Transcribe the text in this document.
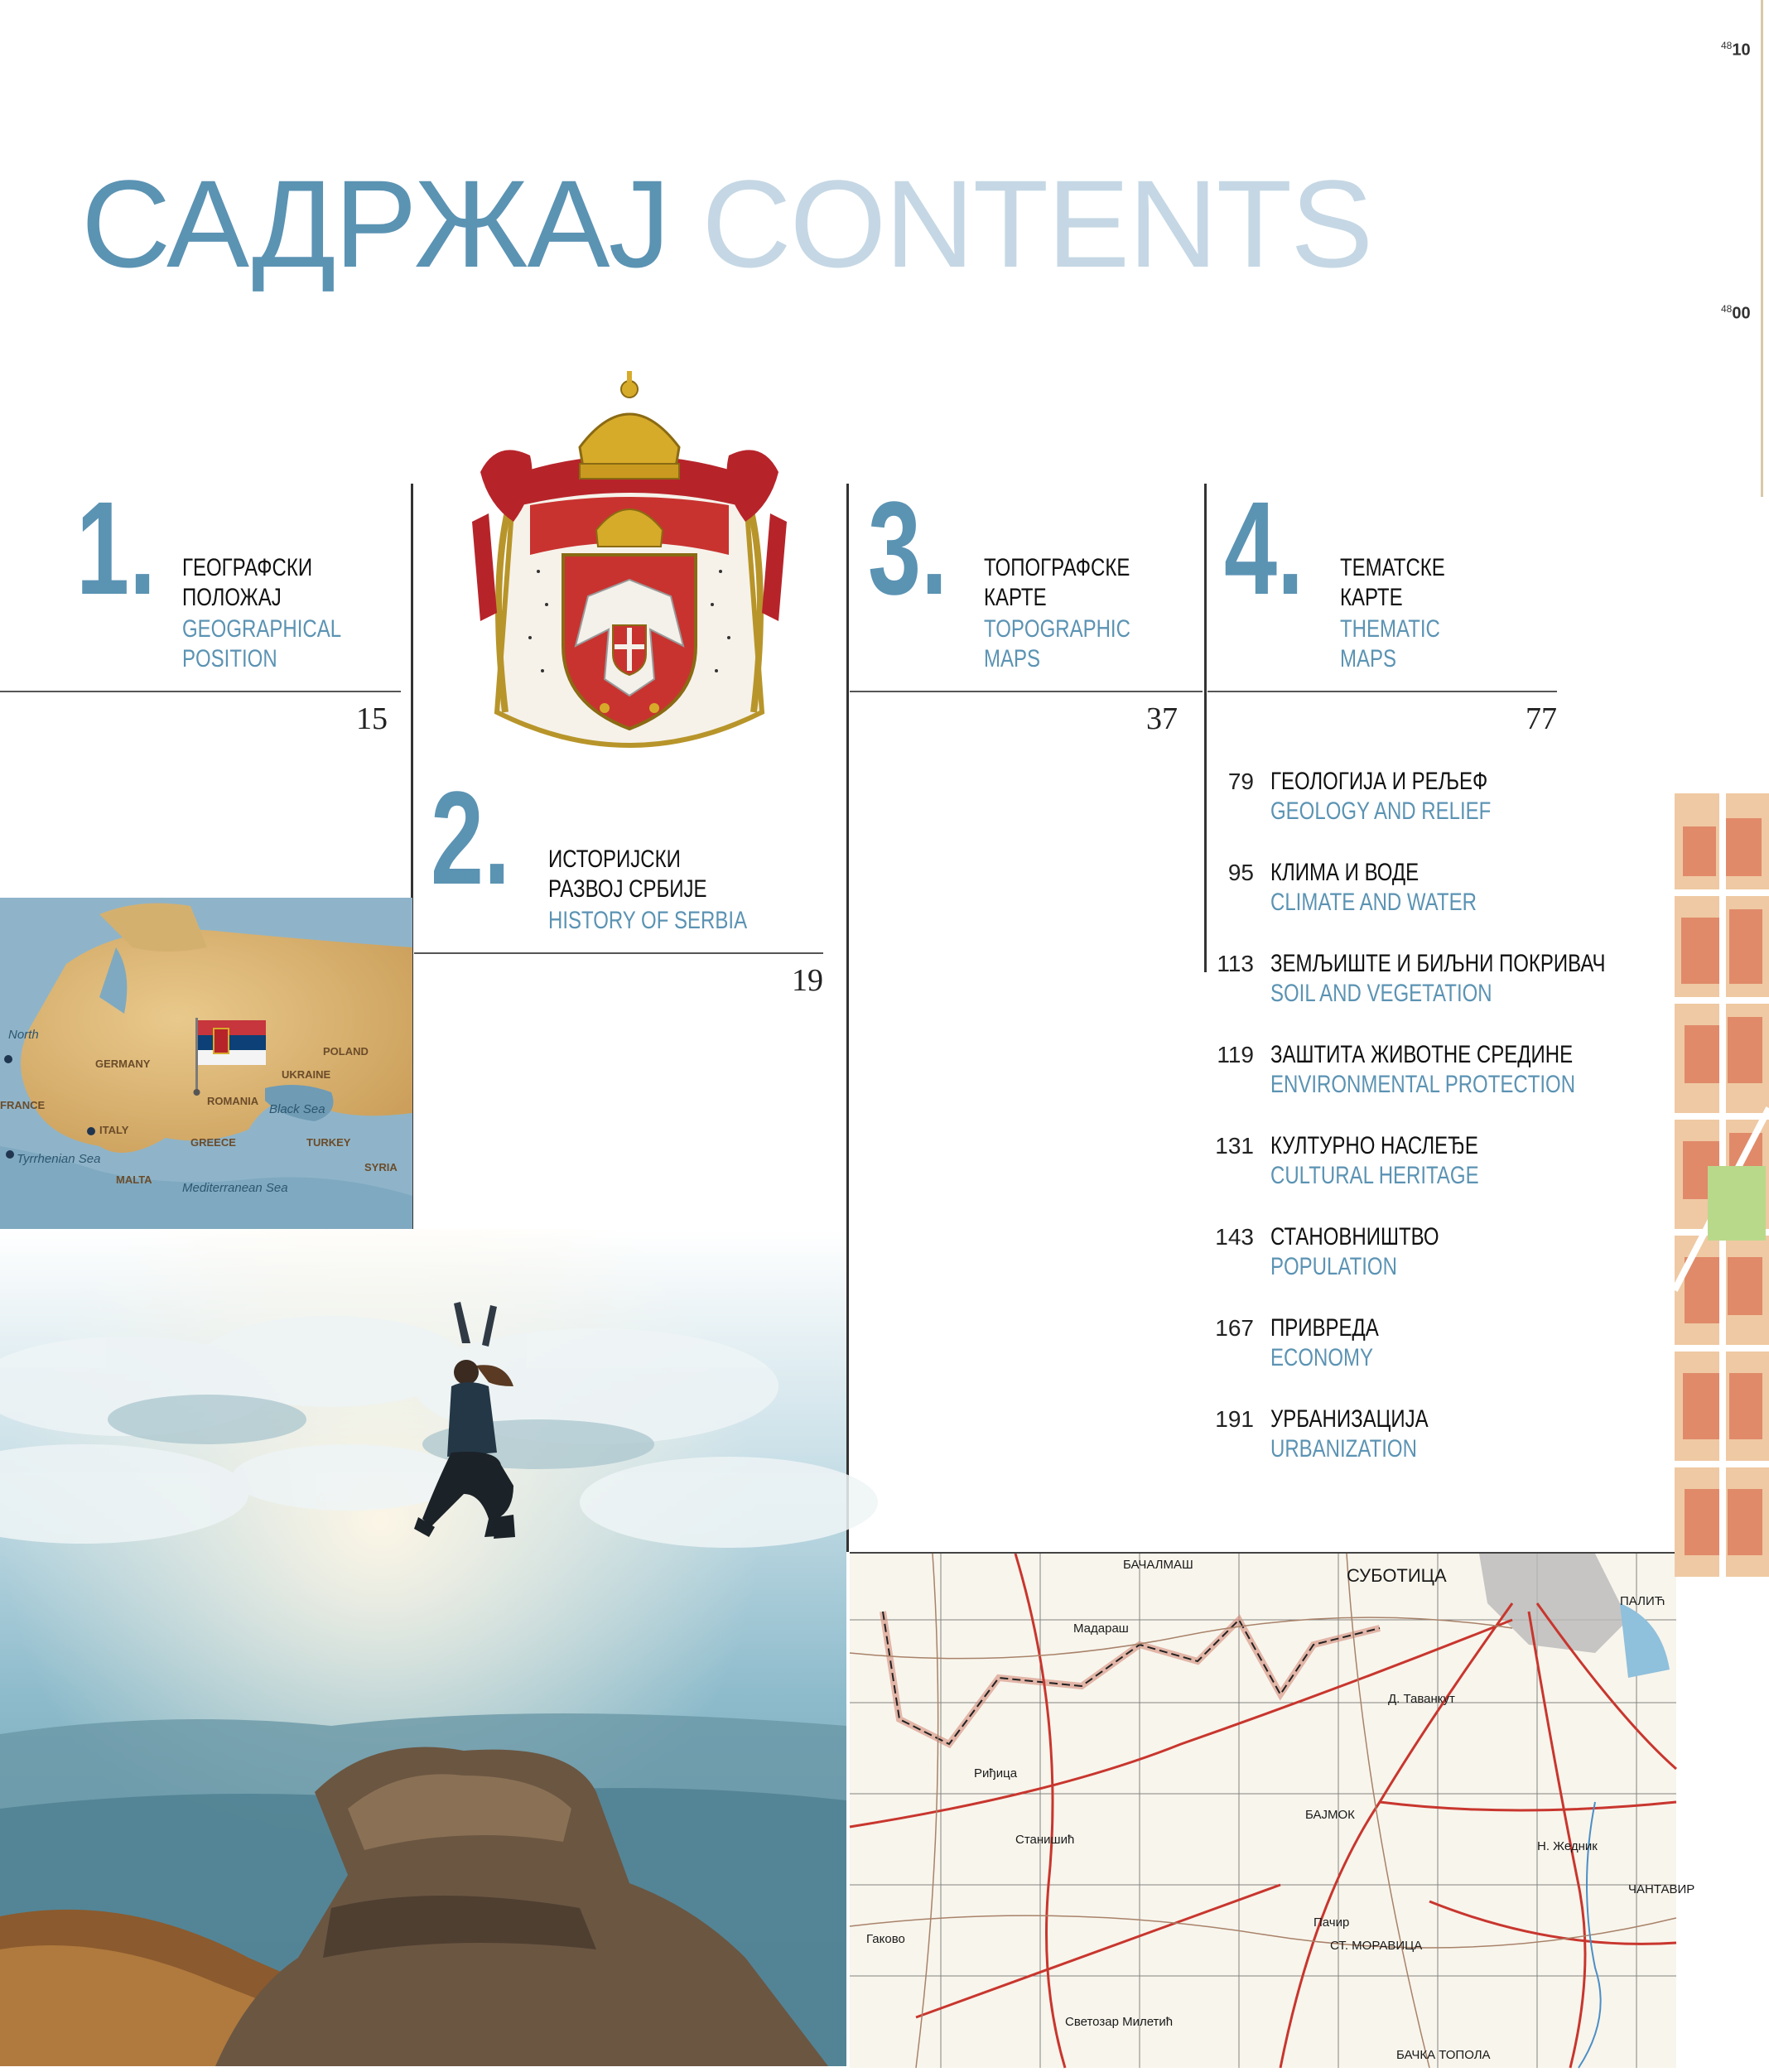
САДРЖАЈ CONTENTS
$^{48}$10
$^{48}$00
1. ГЕОГРАФСКИ
ПОЛОЖАЈ
GEOGRAPHICAL
POSITION
15
2. ИСТОРИЈСКИ
РАЗВОЈ СРБИЈЕ
HISTORY OF SERBIA
19
3. ТОПОГРАФСКЕ
КАРТЕ
TOPOGRAPHIC
MAPS
37
4. ТЕМАТСКЕ
КАРТЕ
THEMATIC
MAPS
77
79 ГЕОЛОГИЈА И РЕЉЕФ
GEOLOGY AND RELIEF
95 КЛИМА И ВОДЕ
CLIMATE AND WATER
113 ЗЕМЉИШТЕ И БИЉНИ ПОКРИВАЧ
SOIL AND VEGETATION
119 ЗАШТИТА ЖИВОТНЕ СРЕДИНЕ
ENVIRONMENTAL PROTECTION
131 КУЛТУРНО НАСЛЕЂЕ
CULTURAL HERITAGE
143 СТАНОВНИШТВО
POPULATION
167 ПРИВРЕДА
ECONOMY
191 УРБАНИЗАЦИЈА
URBANIZATION
GERMANY
UKRAINE
POLAND
FRANCE
ITALY
ROMANIA
TURKEY
GREECE
SYRIA
MALTA
Black Sea
Tyrrhenian Sea
Mediterranean Sea
North
СУБОТИЦА
ПАЛИЋ
БАЧАЛМАШ
БАЈМОК
ЧАНТАВИР
СТ. МОРАВИЦА
БАЧКА ТОПОЛА
Д. Таванкут
Н. Жедник
Пачир
Мадараш
Риђица
Станишић
Гаково
Светозар Милетић
